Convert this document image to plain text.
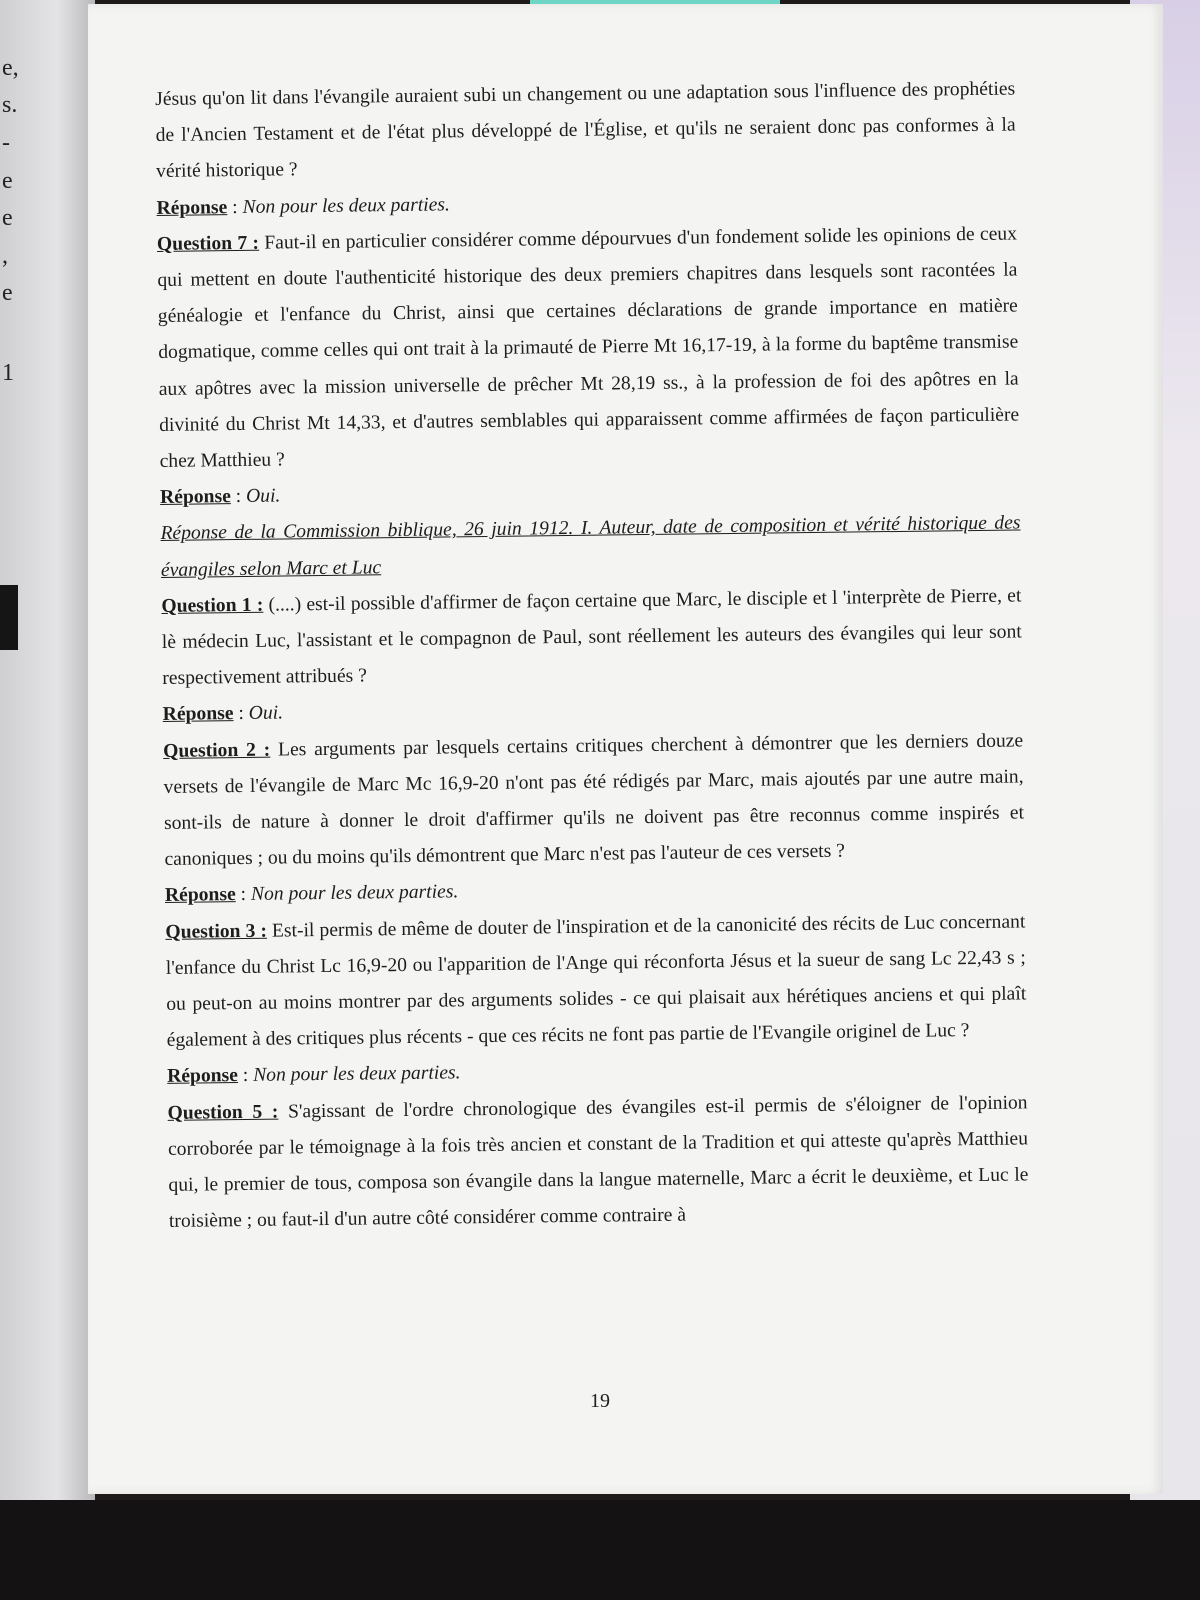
e,
s.
-
e
e
,
e
1

Jésus qu'on lit dans l'évangile auraient subi un changement ou une adaptation sous l'influence des prophéties de l'Ancien Testament et de l'état plus développé de l'Église, et qu'ils ne seraient donc pas conformes à la vérité historique ?

Réponse : Non pour les deux parties.

Question 7 : Faut-il en particulier considérer comme dépourvues d'un fondement solide les opinions de ceux qui mettent en doute l'authenticité historique des deux premiers chapitres dans lesquels sont racontées la généalogie et l'enfance du Christ, ainsi que certaines déclarations de grande importance en matière dogmatique, comme celles qui ont trait à la primauté de Pierre Mt 16,17-19, à la forme du baptême transmise aux apôtres avec la mission universelle de prêcher Mt 28,19 ss., à la profession de foi des apôtres en la divinité du Christ Mt 14,33, et d'autres semblables qui apparaissent comme affirmées de façon particulière chez Matthieu ?

Réponse : Oui.

Réponse de la Commission biblique, 26 juin 1912. I. Auteur, date de composition et vérité historique des évangiles selon Marc et Luc

Question 1 : (....) est-il possible d'affirmer de façon certaine que Marc, le disciple et l 'interprète de Pierre, et lè médecin Luc, l'assistant et le compagnon de Paul, sont réellement les auteurs des évangiles qui leur sont respectivement attribués ?

Réponse : Oui.

Question 2 : Les arguments par lesquels certains critiques cherchent à démontrer que les derniers douze versets de l'évangile de Marc Mc 16,9-20 n'ont pas été rédigés par Marc, mais ajoutés par une autre main, sont-ils de nature à donner le droit d'affirmer qu'ils ne doivent pas être reconnus comme inspirés et canoniques ; ou du moins qu'ils démontrent que Marc n'est pas l'auteur de ces versets ?

Réponse : Non pour les deux parties.

Question 3 : Est-il permis de même de douter de l'inspiration et de la canonicité des récits de Luc concernant l'enfance du Christ Lc 16,9-20 ou l'apparition de l'Ange qui réconforta Jésus et la sueur de sang Lc 22,43 s ; ou peut-on au moins montrer par des arguments solides - ce qui plaisait aux hérétiques anciens et qui plaît également à des critiques plus récents - que ces récits ne font pas partie de l'Evangile originel de Luc ?

Réponse : Non pour les deux parties.

Question 5 : S'agissant de l'ordre chronologique des évangiles est-il permis de s'éloigner de l'opinion corroborée par le témoignage à la fois très ancien et constant de la Tradition et qui atteste qu'après Matthieu qui, le premier de tous, composa son évangile dans la langue maternelle, Marc a écrit le deuxième, et Luc le troisième ; ou faut-il d'un autre côté considérer comme contraire à

19
